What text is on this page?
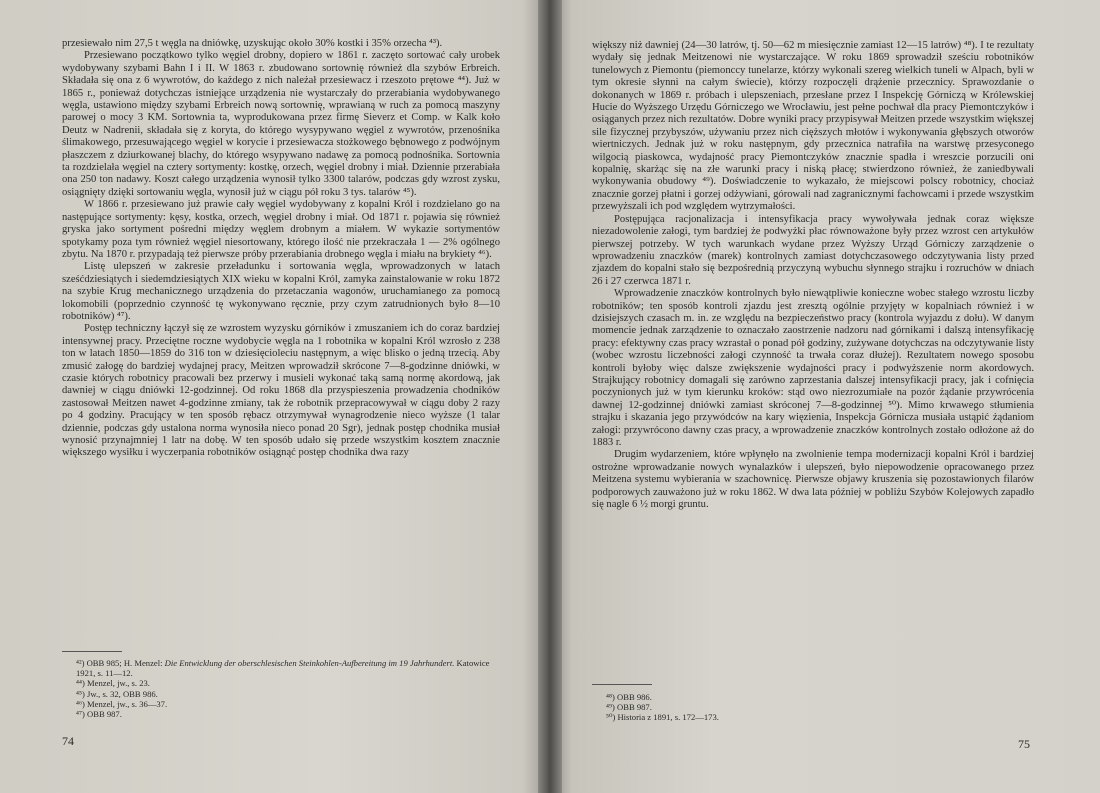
przesiewało nim 27,5 t węgla na dniówkę, uzyskując około 30% kostki i 35% orzecha ⁴³).

Przesiewano początkowo tylko węgiel drobny, dopiero w 1861 r. zaczęto sortować cały urobek wydobywany szybami Bahn I i II. W 1863 r. zbudowano sortownię również dla szybów Erbreich. Składała się ona z 6 wywrotów, do każdego z nich należał przesiewacz i rzeszoto prętowe ⁴⁴). Już w 1865 r., ponieważ dotychczas istniejące urządzenia nie wystarczały do przerabiania wydobywanego węgla, ustawiono między szybami Erbreich nową sortownię, wprawianą w ruch za pomocą maszyny parowej o mocy 3 KM. Sortownia ta, wyprodukowana przez firmę Sieverz et Comp. w Kalk koło Deutz w Nadrenii, składała się z koryta, do którego wysypywano węgiel z wywrotów, przenośnika ślimakowego, przesuwającego węgiel w korycie i przesiewacza stożkowego bębnowego z podwójnym płaszczem z dziurkowanej blachy, do którego wsypywano nadawę za pomocą podnośnika. Sortownia ta rozdzielała węgiel na cztery sortymenty: kostkę, orzech, węgiel drobny i miał. Dziennie przerabiała ona 250 ton nadawy. Koszt całego urządzenia wynosił tylko 3300 talarów, podczas gdy wzrost zysku, osiągnięty dzięki sortowaniu węgla, wynosił już w ciągu pół roku 3 tys. talarów ⁴⁵).

W 1866 r. przesiewano już prawie cały węgiel wydobywany z kopalni Król i rozdzielano go na następujące sortymenty: kęsy, kostka, orzech, węgiel drobny i miał. Od 1871 r. pojawia się również gryska jako sortyment pośredni między węglem drobnym a miałem. W wykazie sortymentów spotykamy poza tym również węgiel niesortowany, którego ilość nie przekraczała 1 — 2% ogólnego zbytu. Na 1870 r. przypadają też pierwsze próby przerabiania drobnego węgla i miału na brykiety ⁴⁶).

Listę ulepszeń w zakresie przeładunku i sortowania węgla, wprowadzonych w latach sześćdziesiątych i siedemdziesiątych XIX wieku w kopalni Król, zamyka zainstalowanie w roku 1872 na szybie Krug mechanicznego urządzenia do przetaczania wagonów, uruchamianego za pomocą lokomobili (poprzednio czynność tę wykonywano ręcznie, przy czym zatrudnionych było 8—10 robotników) ⁴⁷).

Postęp techniczny łączył się ze wzrostem wyzysku górników i zmuszaniem ich do coraz bardziej intensywnej pracy. Przeciętne roczne wydobycie węgla na 1 robotnika w kopalni Król wzrosło z 238 ton w latach 1850—1859 do 316 ton w dziesięcioleciu następnym, a więc blisko o jedną trzecią. Aby zmusić załogę do bardziej wydajnej pracy, Meitzen wprowadził skrócone 7—8-godzinne dniówki, w czasie których robotnicy pracowali bez przerwy i musieli wykonać taką samą normę akordową, jak dawniej w ciągu dniówki 12-godzinnej. Od roku 1868 dla przyspieszenia prowadzenia chodników zastosował Meitzen nawet 4-godzinne zmiany, tak że robotnik przepracowywał w ciągu doby 2 razy po 4 godziny. Pracujący w ten sposób rębacz otrzymywał wynagrodzenie nieco wyższe (1 talar dziennie, podczas gdy ustalona norma wynosiła nieco ponad 20 Sgr), jednak postęp chodnika musiał wynosić przynajmniej 1 latr na dobę. W ten sposób udało się przede wszystkim kosztem znacznie większego wysiłku i wyczerpania robotników osiągnąć postęp chodnika dwa razy

⁴²) OBB 985; H. Menzel: Die Entwicklung der oberschlesischen Steinkohlen-Aufbereitung im 19 Jahrhundert. Katowice 1921, s. 11—12.
⁴⁴) Menzel, jw., s. 23.
⁴⁵) Jw., s. 32, OBB 986.
⁴⁶) Menzel, jw., s. 36—37.
⁴⁷) OBB 987.
74

większy niż dawniej (24—30 latrów, tj. 50—62 m miesięcznie zamiast 12—15 latrów) ⁴⁸). I te rezultaty wydały się jednak Meitzenowi nie wystarczające. W roku 1869 sprowadził sześciu robotników tunelowych z Piemontu (piemonccy tunelarze, którzy wykonali szereg wielkich tuneli w Alpach, byli w tym okresie słynni na całym świecie), którzy rozpoczęli drążenie przecznicy. Sprawozdanie o dokonanych w 1869 r. próbach i ulepszeniach, przesłane przez I Inspekcję Górniczą w Królewskiej Hucie do Wyższego Urzędu Górniczego we Wrocławiu, jest pełne pochwał dla pracy Piemontczyków i osiąganych przez nich rezultatów. Dobre wyniki pracy przypisywał Meitzen przede wszystkim większej sile fizycznej przybyszów, używaniu przez nich cięższych młotów i wykonywania głębszych otworów wiertniczych. Jednak już w roku następnym, gdy przecznica natrafiła na warstwę przesyconego wilgocią piaskowca, wydajność pracy Piemontczyków znacznie spadła i wreszcie porzucili oni kopalnię, skarżąc się na złe warunki pracy i niską płacę; stwierdzono również, że zaniedbywali wykonywania obudowy ⁴⁹). Doświadczenie to wykazało, że miejscowi polscy robotnicy, chociaż znacznie gorzej płatni i gorzej odżywiani, górowali nad zagranicznymi fachowcami i przede wszystkim przewyższali ich pod względem wytrzymałości.

Postępująca racjonalizacja i intensyfikacja pracy wywoływała jednak coraz większe niezadowolenie załogi, tym bardziej że podwyżki płac równoważone były przez wzrost cen artykułów pierwszej potrzeby. W tych warunkach wydane przez Wyższy Urząd Górniczy zarządzenie o wprowadzeniu znaczków (marek) kontrolnych zamiast dotychczasowego odczytywania listy przed zjazdem do kopalni stało się bezpośrednią przyczyną wybuchu słynnego strajku i rozruchów w dniach 26 i 27 czerwca 1871 r.

Wprowadzenie znaczków kontrolnych było niewątpliwie konieczne wobec stałego wzrostu liczby robotników; ten sposób kontroli zjazdu jest zresztą ogólnie przyjęty w kopalniach również i w dzisiejszych czasach m. in. ze względu na bezpieczeństwo pracy (kontrola wyjazdu z dołu). W danym momencie jednak zarządzenie to oznaczało zaostrzenie nadzoru nad górnikami i dalszą intensyfikację pracy: efektywny czas pracy wzrastał o ponad pół godziny, zużywane dotychczas na odczytywanie listy (wobec wzrostu liczebności załogi czynność ta trwała coraz dłużej). Rezultatem nowego sposobu kontroli byłoby więc dalsze zwiększenie wydajności pracy i podwyższenie norm akordowych. Strajkujący robotnicy domagali się zarówno zaprzestania dalszej intensyfikacji pracy, jak i cofnięcia poczynionych już w tym kierunku kroków: stąd owo niezrozumiałe na pozór żądanie przywrócenia dawnej 12-godzinnej dniówki zamiast skróconej 7—8-godzinnej ⁵⁰). Mimo krwawego stłumienia strajku i skazania jego przywódców na kary więzienia, Inspekcja Górnicza musiała ustąpić żądaniom załogi: przywrócono dawny czas pracy, a wprowadzenie znaczków kontrolnych zostało odłożone aż do 1883 r.

Drugim wydarzeniem, które wpłynęło na zwolnienie tempa modernizacji kopalni Król i bardziej ostrożne wprowadzanie nowych wynalazków i ulepszeń, było niepowodzenie opracowanego przez Meitzena systemu wybierania w szachownicę. Pierwsze objawy kruszenia się pozostawionych filarów podporowych zauważono już w roku 1862. W dwa lata później w pobliżu Szybów Kolejowych zapadło się nagle 6 ½ morgi gruntu.

⁴⁸) OBB 986.
⁴⁹) OBB 987.
⁵⁰) Historia z 1891, s. 172—173.
75
